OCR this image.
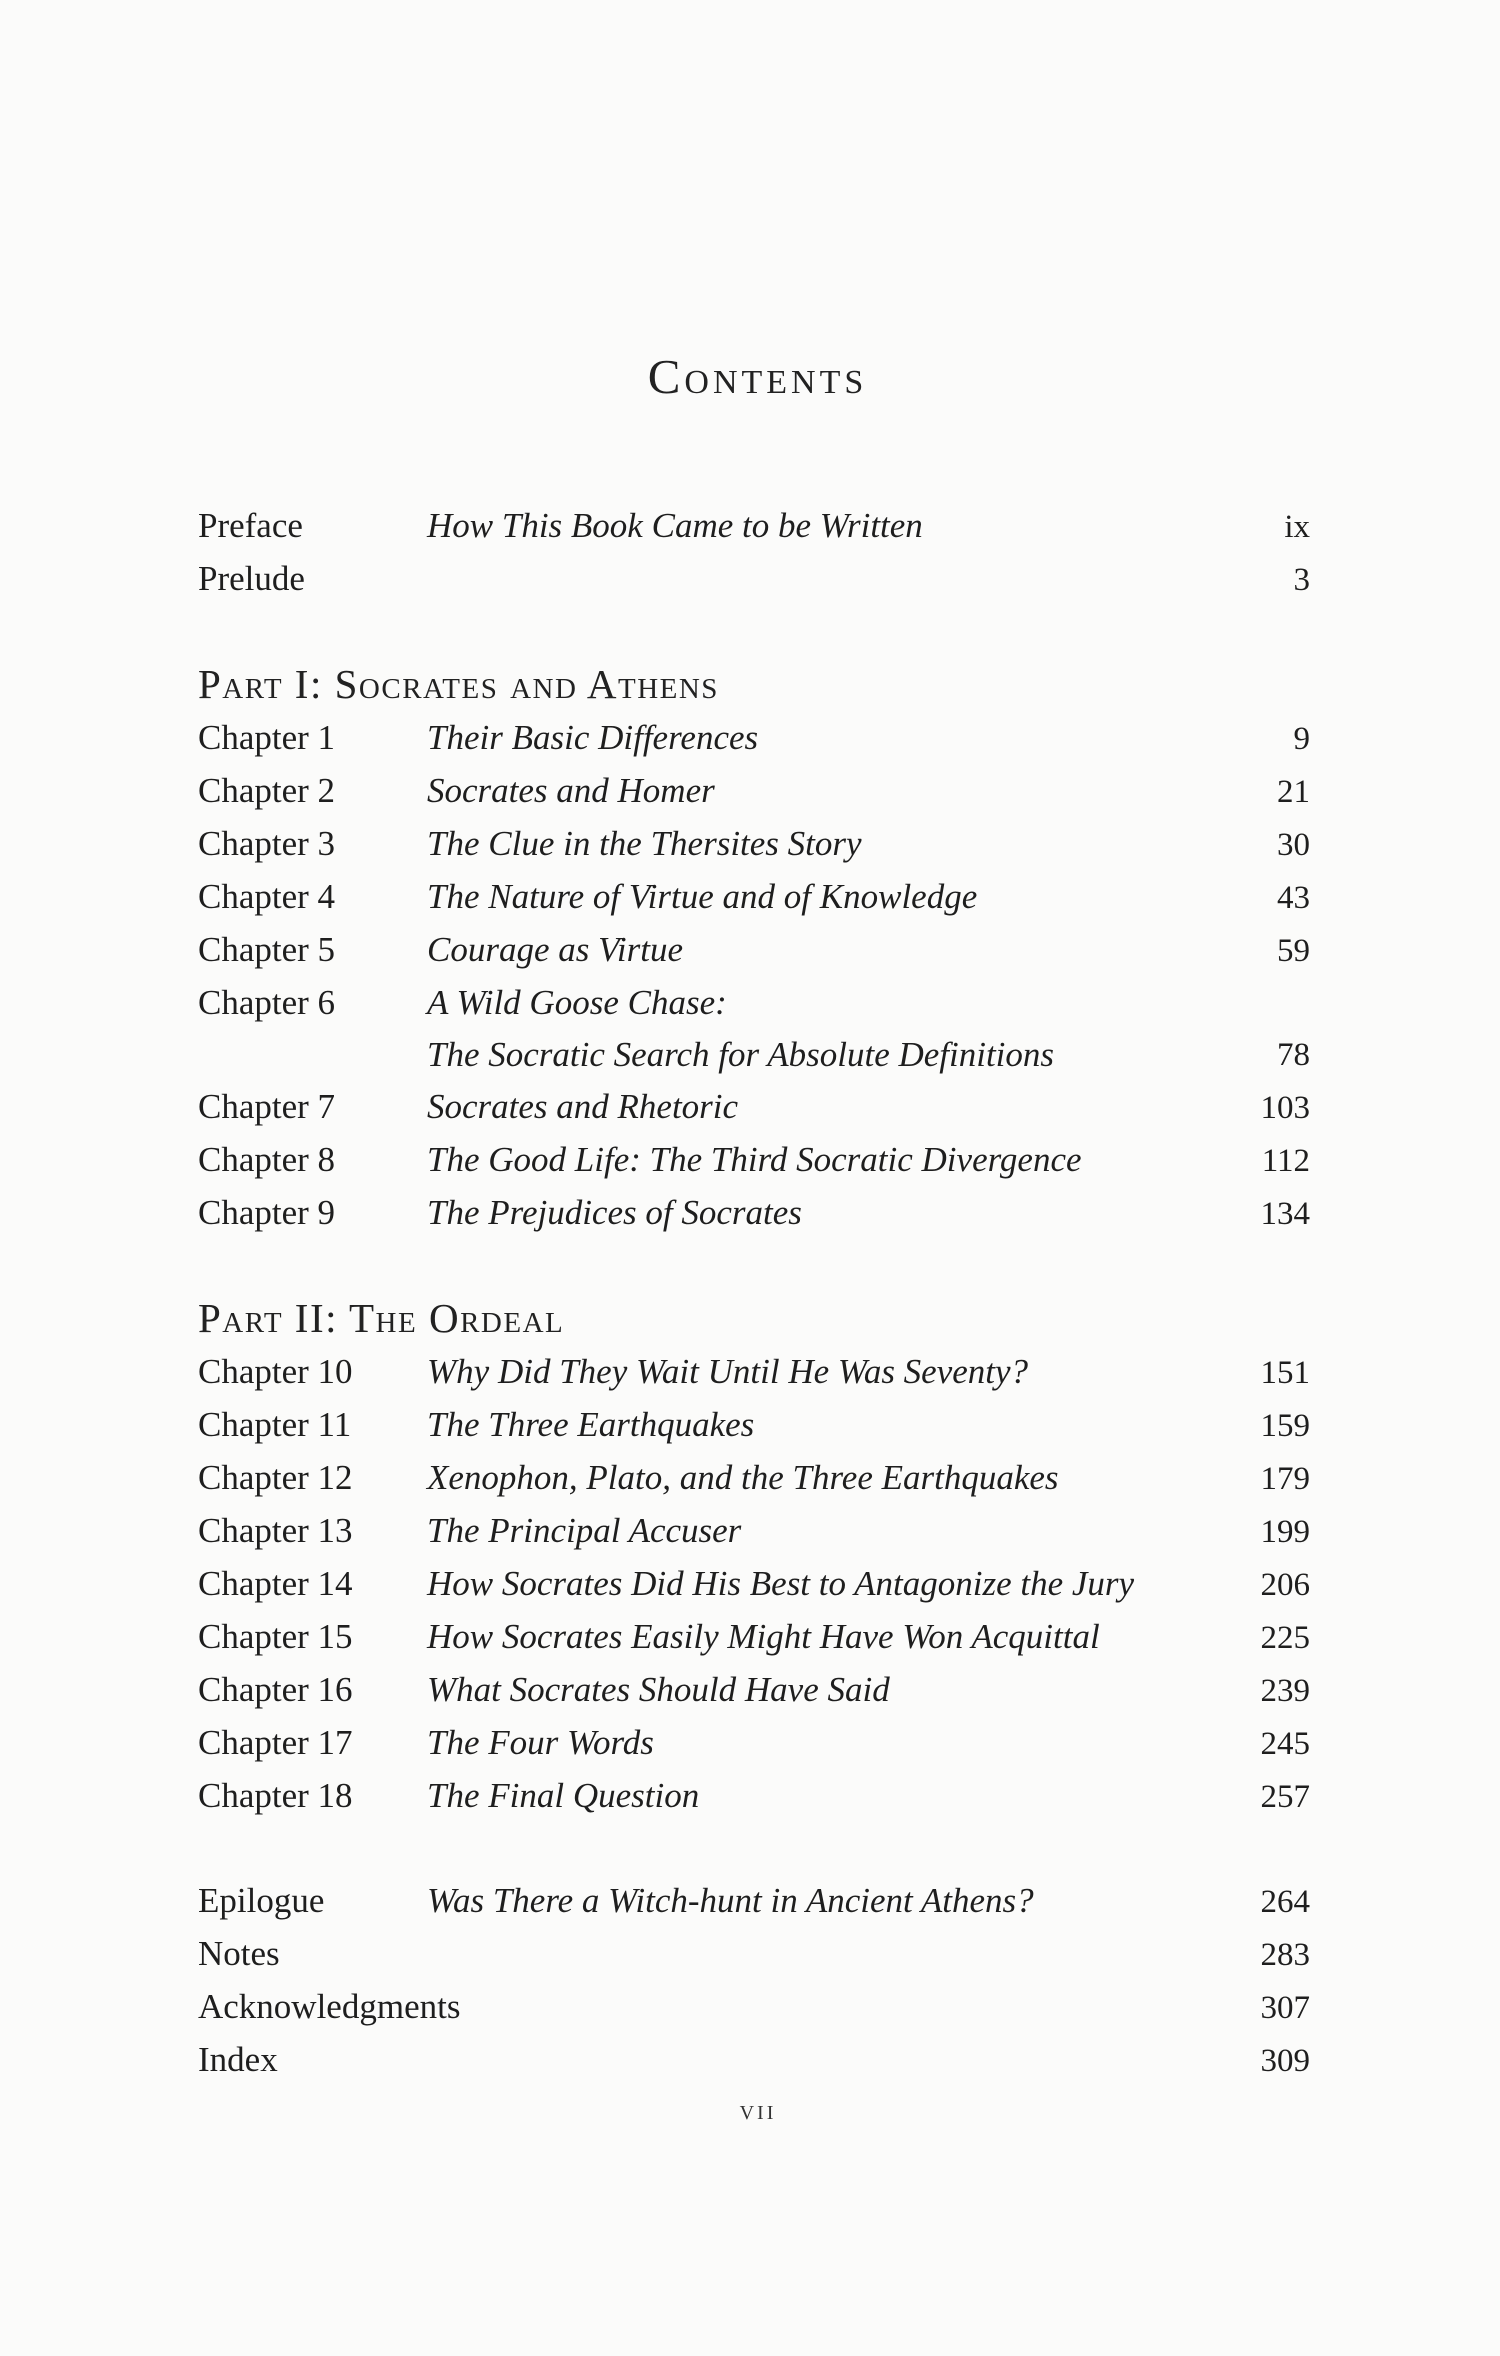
Contents
Preface	How This Book Came to be Written	ix
Prelude	3
Part I: Socrates and Athens
Chapter 1	Their Basic Differences	9
Chapter 2	Socrates and Homer	21
Chapter 3	The Clue in the Thersites Story	30
Chapter 4	The Nature of Virtue and of Knowledge	43
Chapter 5	Courage as Virtue	59
Chapter 6	A Wild Goose Chase:
The Socratic Search for Absolute Definitions	78
Chapter 7	Socrates and Rhetoric	103
Chapter 8	The Good Life: The Third Socratic Divergence	112
Chapter 9	The Prejudices of Socrates	134
Part II: The Ordeal
Chapter 10	Why Did They Wait Until He Was Seventy?	151
Chapter 11	The Three Earthquakes	159
Chapter 12	Xenophon, Plato, and the Three Earthquakes	179
Chapter 13	The Principal Accuser	199
Chapter 14	How Socrates Did His Best to Antagonize the Jury	206
Chapter 15	How Socrates Easily Might Have Won Acquittal	225
Chapter 16	What Socrates Should Have Said	239
Chapter 17	The Four Words	245
Chapter 18	The Final Question	257
Epilogue	Was There a Witch-hunt in Ancient Athens?	264
Notes	283
Acknowledgments	307
Index	309
vii
